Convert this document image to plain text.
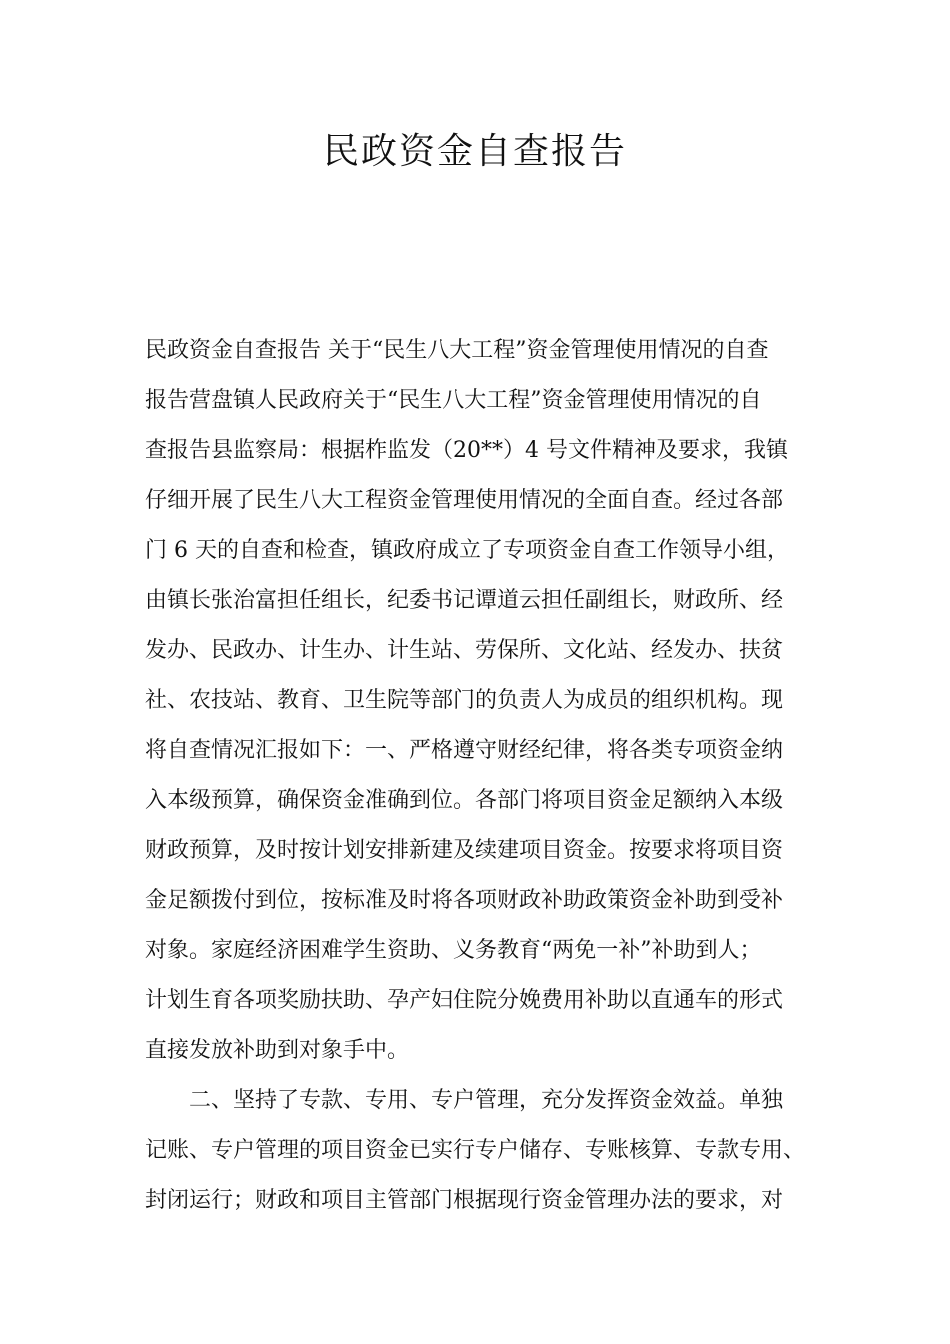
民政资金自查报告
民政资金自查报告 关于“民生八大工程”资金管理使用情况的自查
报告营盘镇人民政府关于“民生八大工程”资金管理使用情况的自
查报告县监察局：根据柞监发（20**）4 号文件精神及要求，我镇
仔细开展了民生八大工程资金管理使用情况的全面自查。经过各部
门 6 天的自查和检查，镇政府成立了专项资金自查工作领导小组，
由镇长张治富担任组长，纪委书记谭道云担任副组长，财政所、经
发办、民政办、计生办、计生站、劳保所、文化站、经发办、扶贫
社、农技站、教育、卫生院等部门的负责人为成员的组织机构。现
将自查情况汇报如下：一、严格遵守财经纪律，将各类专项资金纳
入本级预算，确保资金准确到位。各部门将项目资金足额纳入本级
财政预算，及时按计划安排新建及续建项目资金。按要求将项目资
金足额拨付到位，按标准及时将各项财政补助政策资金补助到受补
对象。家庭经济困难学生资助、义务教育“两免一补”补助到人；
计划生育各项奖励扶助、孕产妇住院分娩费用补助以直通车的形式
直接发放补助到对象手中。
　　二、坚持了专款、专用、专户管理，充分发挥资金效益。单独
记账、专户管理的项目资金已实行专户储存、专账核算、专款专用、
封闭运行；财政和项目主管部门根据现行资金管理办法的要求，对
